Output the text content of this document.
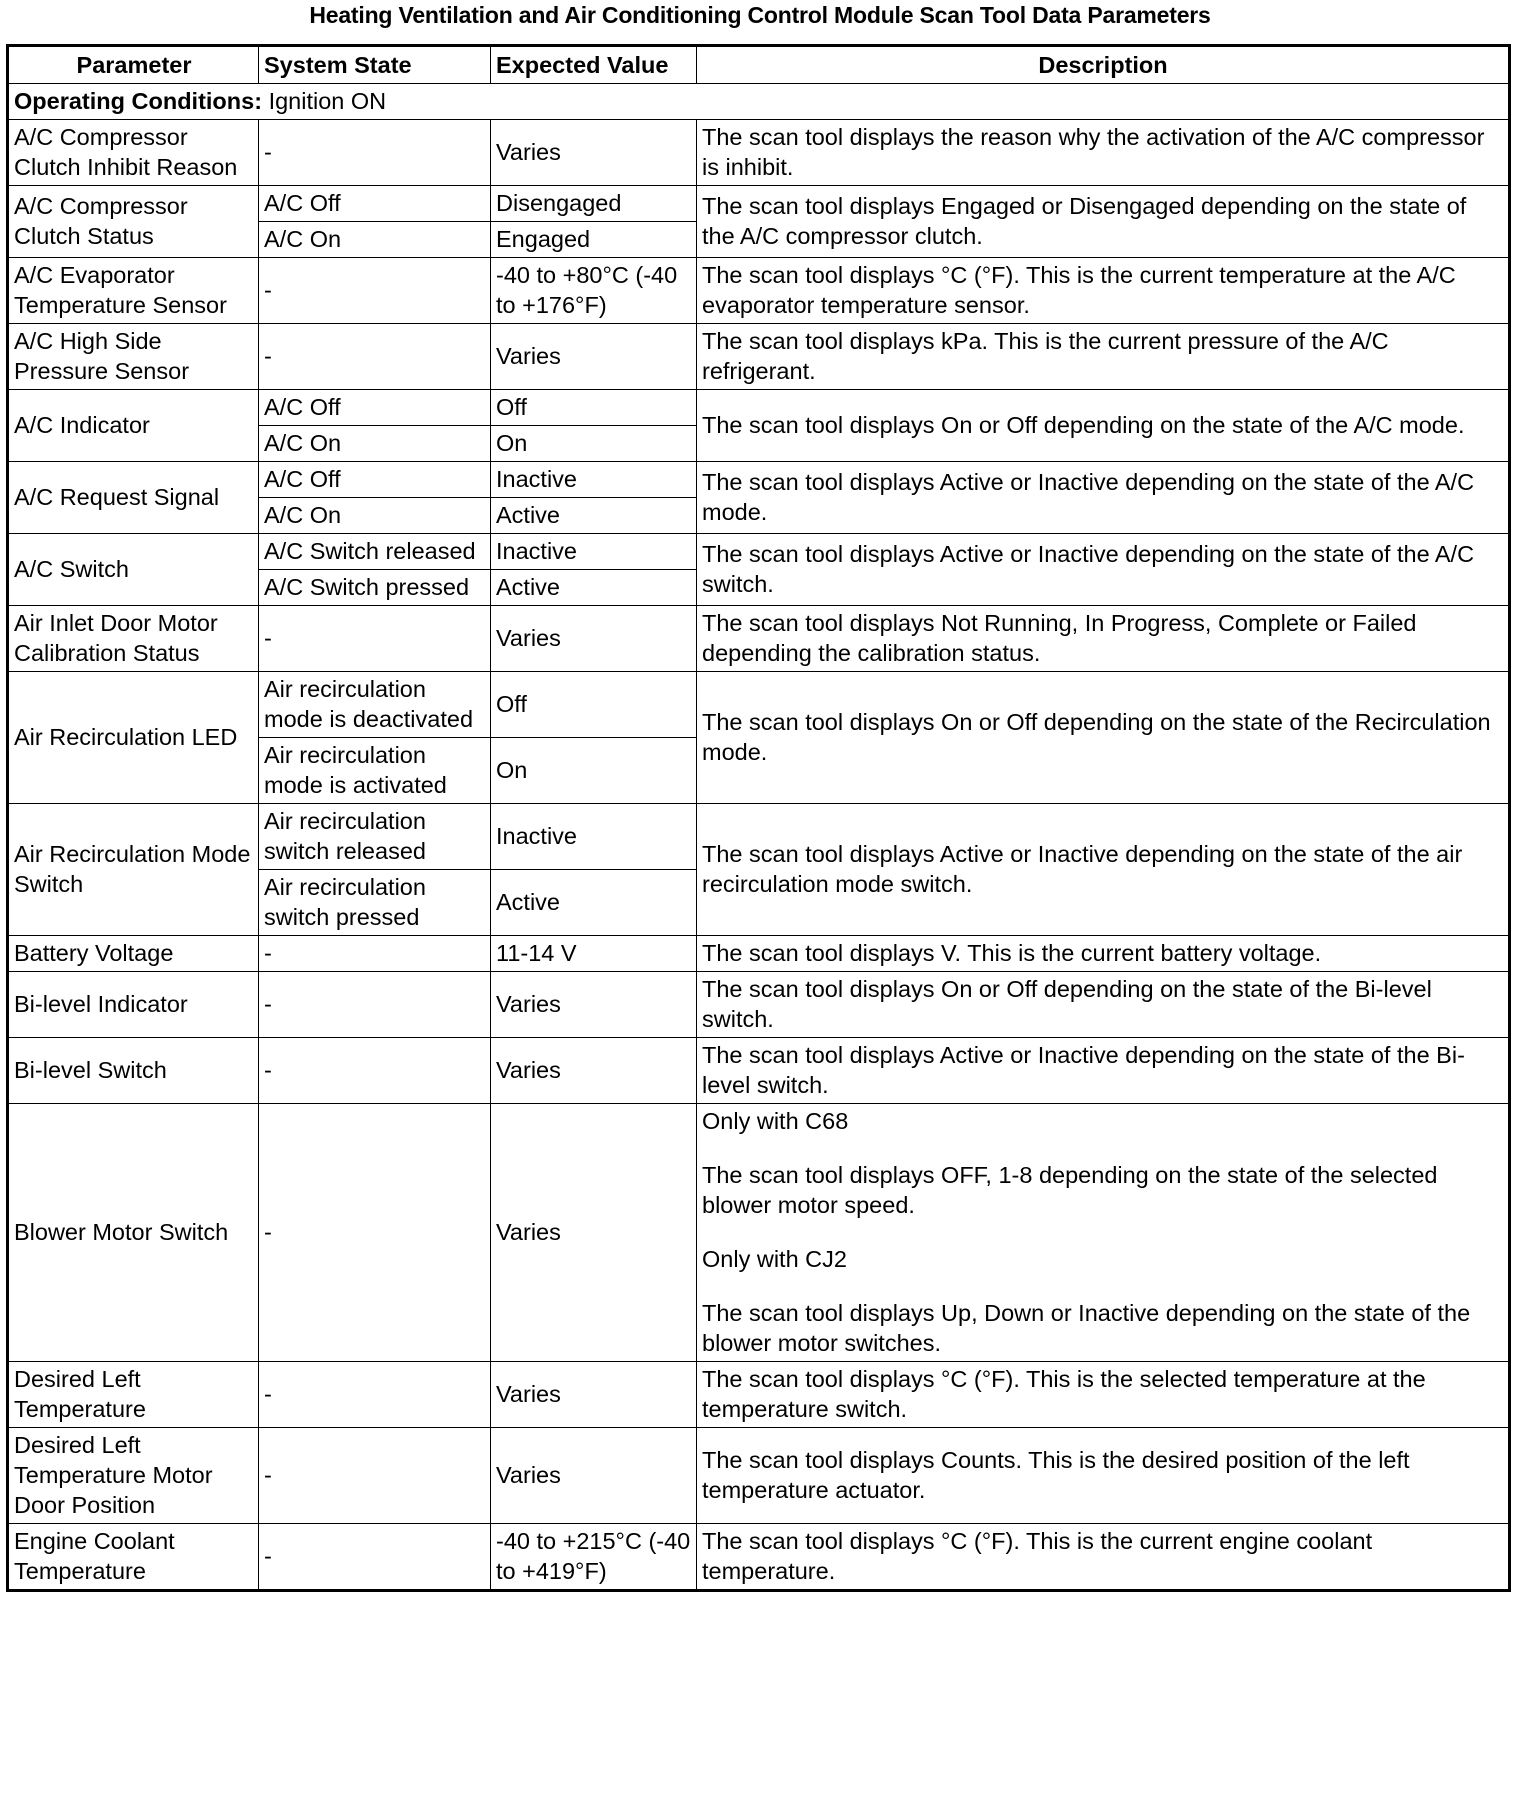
Heating Ventilation and Air Conditioning Control Module Scan Tool Data Parameters
Parameter	System State	Expected Value	Description
Operating Conditions: Ignition ON			
A/C Compressor Clutch Inhibit Reason	-	Varies	The scan tool displays the reason why the activation of the A/C compressor is inhibit.

A/C Compressor Clutch Status	A/C Off	Disengaged	The scan tool displays Engaged or Disengaged depending on the state of the A/C compressor clutch.

	A/C On	Engaged	
A/C Evaporator Temperature Sensor	-	-40 to +80°C (-40 to +176°F)	The scan tool displays °C (°F). This is the current temperature at the A/C evaporator temperature sensor.

A/C High Side Pressure Sensor	-	Varies	The scan tool displays kPa. This is the current pressure of the A/C refrigerant.

A/C Indicator	A/C Off	Off	The scan tool displays On or Off depending on the state of the A/C mode.

	A/C On	On	
A/C Request Signal	A/C Off	Inactive	The scan tool displays Active or Inactive depending on the state of the A/C mode.

	A/C On	Active	
A/C Switch	A/C Switch released	Inactive	The scan tool displays Active or Inactive depending on the state of the A/C switch.

	A/C Switch pressed	Active	
Air Inlet Door Motor Calibration Status	-	Varies	The scan tool displays Not Running, In Progress, Complete or Failed depending the calibration status.

Air Recirculation LED	Air recirculation mode is deactivated	Off	The scan tool displays On or Off depending on the state of the Recirculation mode.

	Air recirculation mode is activated	On	
Air Recirculation Mode Switch	Air recirculation switch released	Inactive	The scan tool displays Active or Inactive depending on the state of the air recirculation mode switch.

	Air recirculation switch pressed	Active	
Battery Voltage	-	11-14 V	The scan tool displays V. This is the current battery voltage.

Bi-level Indicator	-	Varies	The scan tool displays On or Off depending on the state of the Bi-level switch.

Bi-level Switch	-	Varies	The scan tool displays Active or Inactive depending on the state of the Bi-level switch.

Blower Motor Switch	-	Varies	Only with C68

The scan tool displays OFF, 1-8 depending on the state of the selected blower motor speed.

Only with CJ2

The scan tool displays Up, Down or Inactive depending on the state of the blower motor switches.

Desired Left Temperature	-	Varies	The scan tool displays °C (°F). This is the selected temperature at the temperature switch.

Desired Left Temperature Motor Door Position	-	Varies	The scan tool displays Counts. This is the desired position of the left temperature actuator.

Engine Coolant Temperature	-	-40 to +215°C (-40 to +419°F)	The scan tool displays °C (°F). This is the current engine coolant temperature.
